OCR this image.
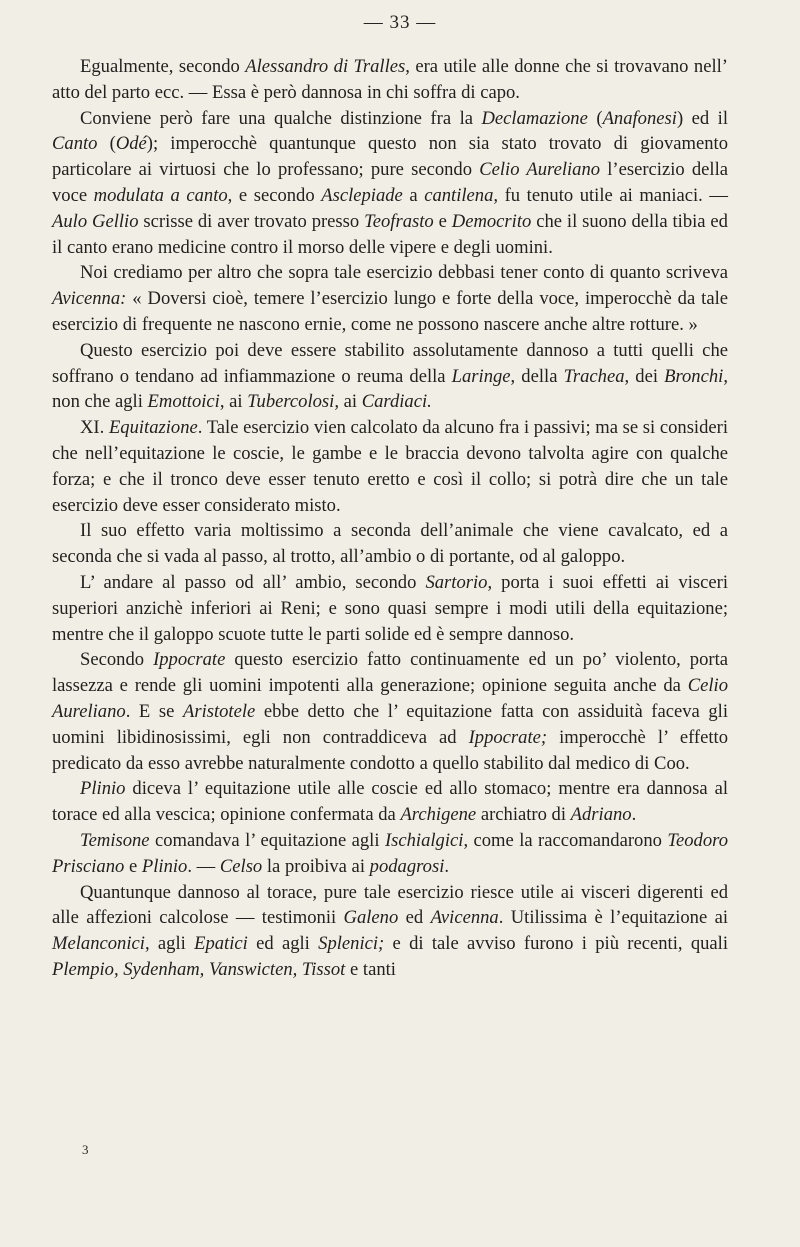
— 33 —

Egualmente, secondo Alessandro di Tralles, era utile alle donne che si trovavano nell’ atto del parto ecc. — Essa è però dannosa in chi soffra di capo.

Conviene però fare una qualche distinzione fra la Declamazione (Anafonesi) ed il Canto (Odé); imperocchè quantunque questo non sia stato trovato di giovamento particolare ai virtuosi che lo professano; pure secondo Celio Aureliano l’esercizio della voce modulata a canto, e secondo Asclepiade a cantilena, fu tenuto utile ai maniaci. — Aulo Gellio scrisse di aver trovato presso Teofrasto e Democrito che il suono della tibia ed il canto erano medicine contro il morso delle vipere e degli uomini.

Noi crediamo per altro che sopra tale esercizio debbasi tener conto di quanto scriveva Avicenna: « Doversi cioè, temere l’esercizio lungo e forte della voce, imperocchè da tale esercizio di frequente ne nascono ernie, come ne possono nascere anche altre rotture. »

Questo esercizio poi deve essere stabilito assolutamente dannoso a tutti quelli che soffrano o tendano ad infiammazione o reuma della Laringe, della Trachea, dei Bronchi, non che agli Emottoici, ai Tubercolosi, ai Cardiaci.

XI. Equitazione. Tale esercizio vien calcolato da alcuno fra i passivi; ma se si consideri che nell’equitazione le coscie, le gambe e le braccia devono talvolta agire con qualche forza; e che il tronco deve esser tenuto eretto e così il collo; si potrà dire che un tale esercizio deve esser considerato misto.

Il suo effetto varia moltissimo a seconda dell’animale che viene cavalcato, ed a seconda che si vada al passo, al trotto, all’ambio o di portante, od al galoppo.

L’ andare al passo od all’ ambio, secondo Sartorio, porta i suoi effetti ai visceri superiori anzichè inferiori ai Reni; e sono quasi sempre i modi utili della equitazione; mentre che il galoppo scuote tutte le parti solide ed è sempre dannoso.

Secondo Ippocrate questo esercizio fatto continuamente ed un po’ violento, porta lassezza e rende gli uomini impotenti alla generazione; opinione seguita anche da Celio Aureliano. E se Aristotele ebbe detto che l’ equitazione fatta con assiduità faceva gli uomini libidinosissimi, egli non contraddiceva ad Ippocrate; imperocchè l’ effetto predicato da esso avrebbe naturalmente condotto a quello stabilito dal medico di Coo.

Plinio diceva l’ equitazione utile alle coscie ed allo stomaco; mentre era dannosa al torace ed alla vescica; opinione confermata da Archigene archiatro di Adriano.

Temisone comandava l’ equitazione agli Ischialgici, come la raccomandarono Teodoro Prisciano e Plinio. — Celso la proibiva ai podagrosi.

Quantunque dannoso al torace, pure tale esercizio riesce utile ai visceri digerenti ed alle affezioni calcolose — testimonii Galeno ed Avicenna. Utilissima è l’equitazione ai Melanconici, agli Epatici ed agli Splenici; e di tale avviso furono i più recenti, quali Plempio, Sydenham, Vanswicten, Tissot e tanti

3
